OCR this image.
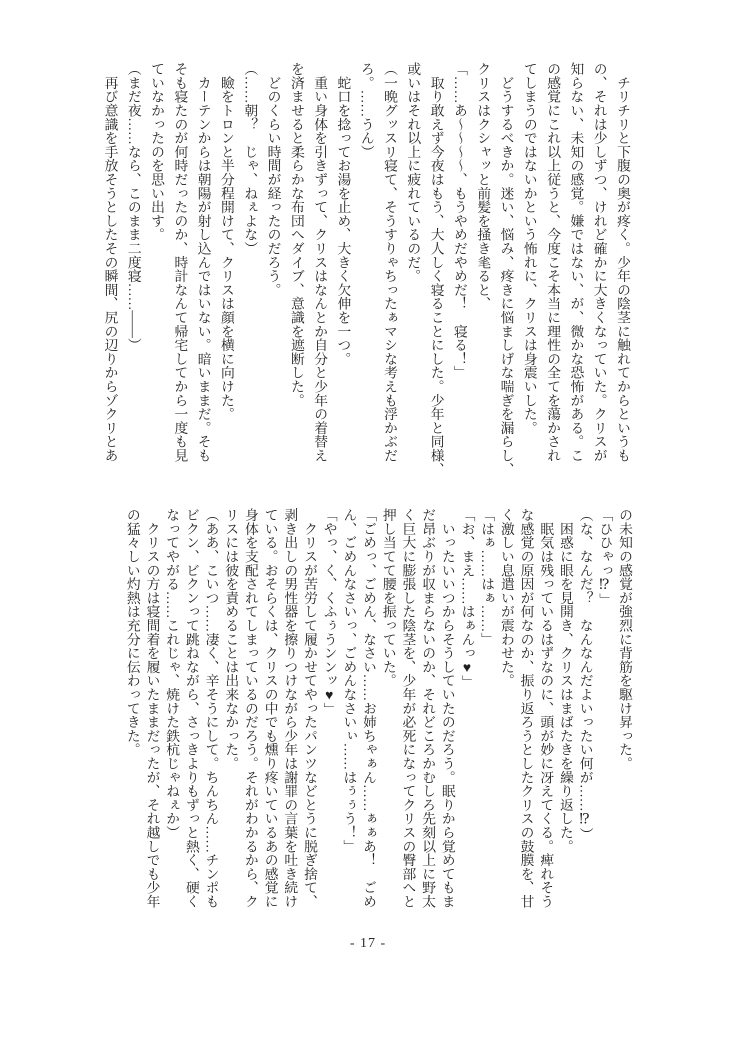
　チリチリと下腹の奥が疼く。少年の陰茎に触れてからというも
の、それは少しずつ、けれど確かに大きくなっていた。クリスが
知らない、未知の感覚。嫌ではない、が、微かな恐怖がある。こ
の感覚にこれ以上従うと、今度こそ本当に理性の全てを蕩かされ
てしまうのではないかという怖れに、クリスは身震いした。
　どうするべきか。迷い、悩み、疼きに悩ましげな喘ぎを漏らし、
クリスはクシャッと前髪を掻き毟ると、
「……あ～～～～、もうやめだやめだ！　寝る！」
　取り敢えず今夜はもう、大人しく寝ることにした。少年と同様、
或いはそれ以上に疲れているのだ。
（一晩グッスリ寝て、そうすりゃちったぁマシな考えも浮かぶだ
ろ。……うん）
　蛇口を捻ってお湯を止め、大きく欠伸を一つ。
　重い身体を引きずって、クリスはなんとか自分と少年の着替え
を済ませると柔らかな布団へダイブ、意識を遮断した。
　どのくらい時間が経ったのだろう。
（……朝？　じゃ、ねぇよな）
　瞼をトロンと半分程開けて、クリスは顔を横に向けた。
　カーテンからは朝陽が射し込んではいない。暗いままだ。そも
そも寝たのが何時だったのか、時計なんて帰宅してから一度も見
ていなかったのを思い出す。
（まだ夜……なら、このまま二度寝……――）
　再び意識を手放そうとしたその瞬間、尻の辺りからゾクリとあ
の未知の感覚が強烈に背筋を駆け昇った。
「ひひゃっ⁉」
（な、なんだ？　なんなんだよいったい何が……⁉）
　困惑に眼を見開き、クリスはまばたきを繰り返した。
　眠気は残っているはずなのに、頭が妙に冴えてくる。痺れそう
な感覚の原因が何なのか、振り返ろうとしたクリスの鼓膜を、甘
く激しい息遣いが震わせた。
「はぁ……はぁ……」
「お、まえ……はぁんっ♥」
　いったいいつからそうしていたのだろう。眠りから覚めてもま
だ昂ぶりが収まらないのか、それどころかむしろ先刻以上に野太
く巨大に膨張した陰茎を、少年が必死になってクリスの臀部へと
押し当てて腰を振っていた。
「ごめっ、ごめん、なさい……お姉ちゃぁん……ぁぁあ！　ごめ
ん、ごめんなさいっ、ごめんなさいぃ……はぅぅう！」
「やっ、く、くふぅうンンッ♥」
　クリスが苦労して履かせてやったパンツなどとうに脱ぎ捨て、
剥き出しの男性器を擦りつけながら少年は謝罪の言葉を吐き続け
ている。おそらくは、クリスの中でも燻り疼いているあの感覚に
身体を支配されてしまっているのだろう。それがわかるから、ク
リスには彼を責めることは出来なかった。
（ああ、こいつ……凄く、辛そうにして。ちんちん……チンポも
ビクン、ビクンって跳ねながら、さっきよりもずっと熱く、硬く
なってやがる……これじゃ、焼けた鉄杭じゃねぇか）
　クリスの方は寝間着を履いたままだったが、それ越しでも少年
の猛々しい灼熱は充分に伝わってきた。
- 17 -
